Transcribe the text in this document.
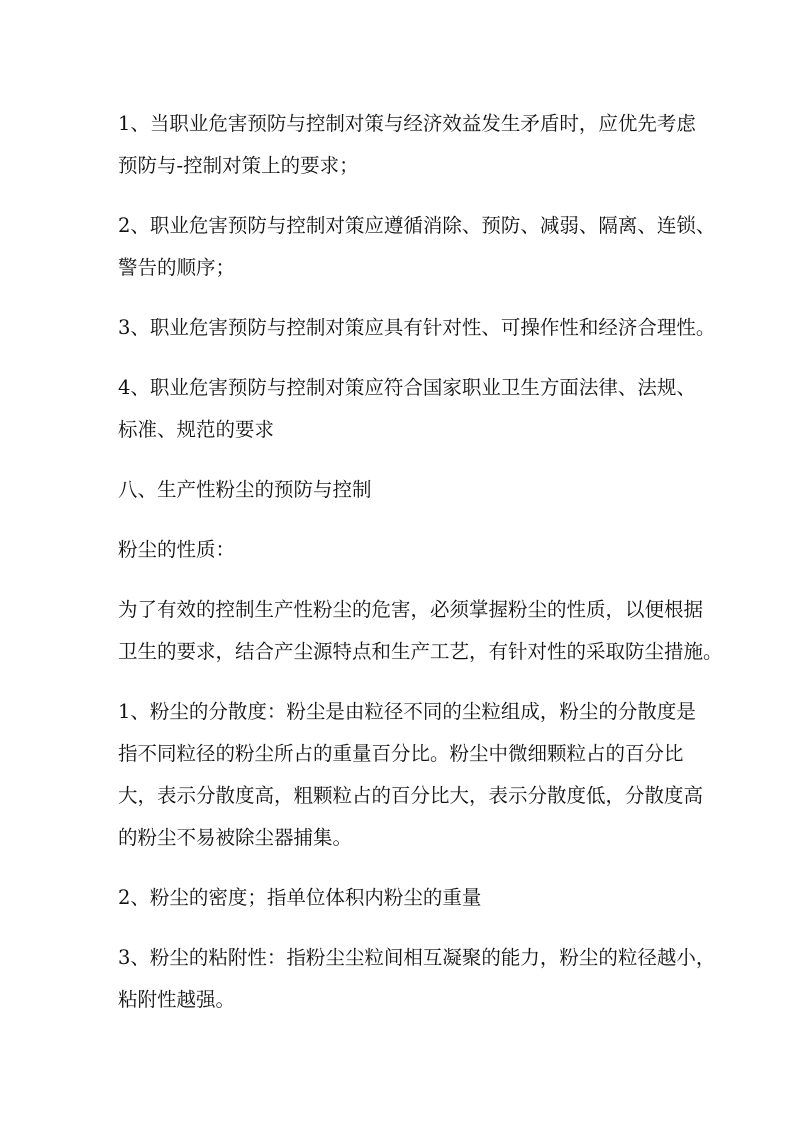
1、当职业危害预防与控制对策与经济效益发生矛盾时，应优先考虑
预防与-控制对策上的要求；
2、职业危害预防与控制对策应遵循消除、预防、减弱、隔离、连锁、
警告的顺序；
3、职业危害预防与控制对策应具有针对性、可操作性和经济合理性。
4、职业危害预防与控制对策应符合国家职业卫生方面法律、法规、
标准、规范的要求
八、生产性粉尘的预防与控制
粉尘的性质：
为了有效的控制生产性粉尘的危害，必须掌握粉尘的性质，以便根据
卫生的要求，结合产尘源特点和生产工艺，有针对性的采取防尘措施。
1、粉尘的分散度：粉尘是由粒径不同的尘粒组成，粉尘的分散度是
指不同粒径的粉尘所占的重量百分比。粉尘中微细颗粒占的百分比
大，表示分散度高，粗颗粒占的百分比大，表示分散度低，分散度高
的粉尘不易被除尘器捕集。
2、粉尘的密度；指单位体积内粉尘的重量
3、粉尘的粘附性：指粉尘尘粒间相互凝聚的能力，粉尘的粒径越小，
粘附性越强。
